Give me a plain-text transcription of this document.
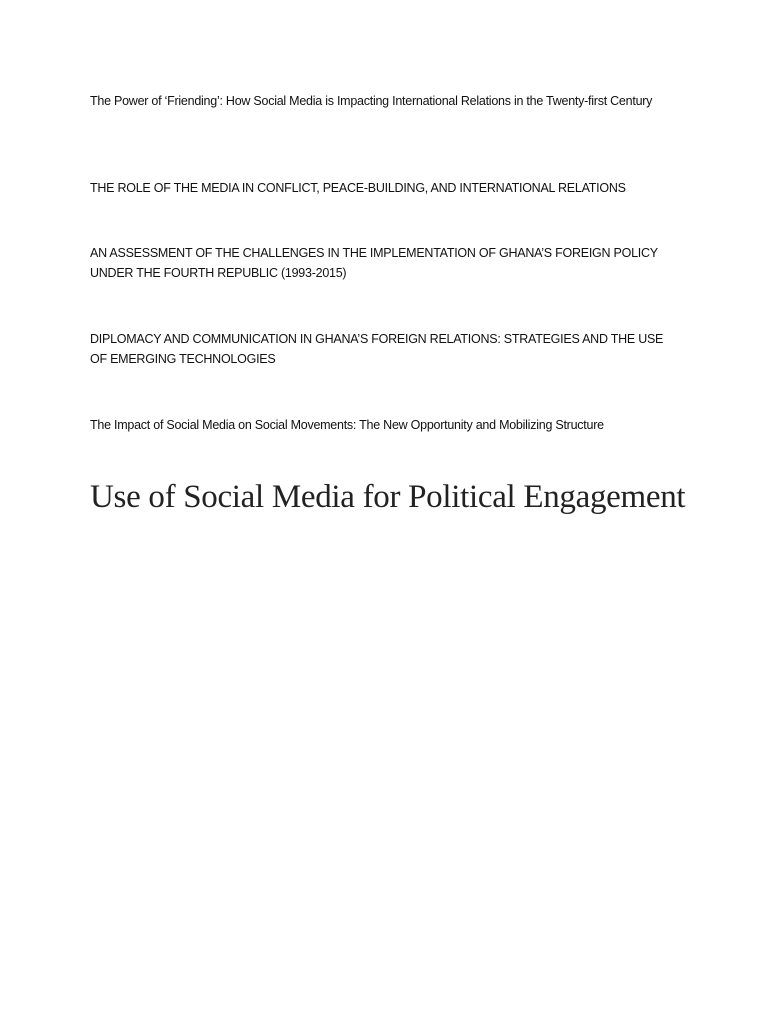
The Power of ‘Friending’: How Social Media is Impacting International Relations in the Twenty-first Century

THE ROLE OF THE MEDIA IN CONFLICT, PEACE-BUILDING, AND INTERNATIONAL RELATIONS

AN ASSESSMENT OF THE CHALLENGES IN THE IMPLEMENTATION OF GHANA’S FOREIGN POLICY UNDER THE FOURTH REPUBLIC (1993-2015)

DIPLOMACY AND COMMUNICATION IN GHANA’S FOREIGN RELATIONS: STRATEGIES AND THE USE OF EMERGING TECHNOLOGIES

The Impact of Social Media on Social Movements: The New Opportunity and Mobilizing Structure

Use of Social Media for Political Engagement
